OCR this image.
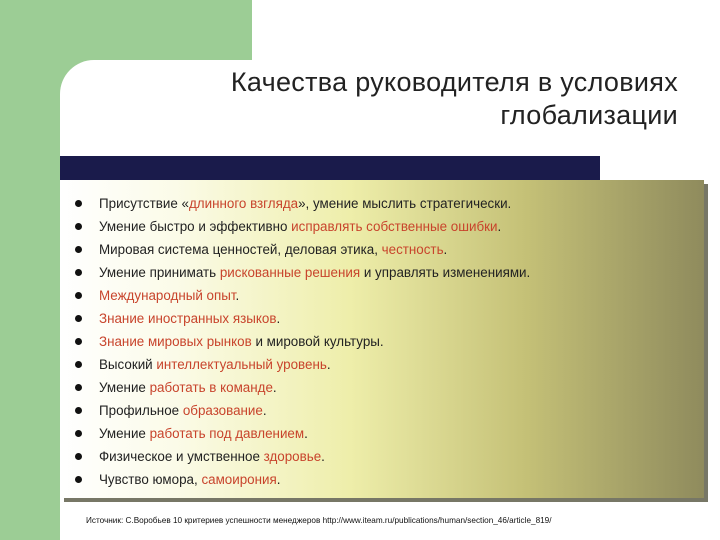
Качества руководителя в условиях
глобализации
Присутствие «длинного взгляда», умение мыслить стратегически.
Умение быстро и эффективно исправлять собственные ошибки.
Мировая система ценностей, деловая этика, честность.
Умение принимать рискованные решения и управлять изменениями.
Международный опыт.
Знание иностранных языков.
Знание мировых рынков и мировой культуры.
Высокий интеллектуальный уровень.
Умение работать в команде.
Профильное образование.
Умение работать под давлением.
Физическое и умственное здоровье.
Чувство юмора, самоирония.
Источник: С.Воробьев 10 критериев успешности менеджеров http://www.iteam.ru/publications/human/section_46/article_819/
